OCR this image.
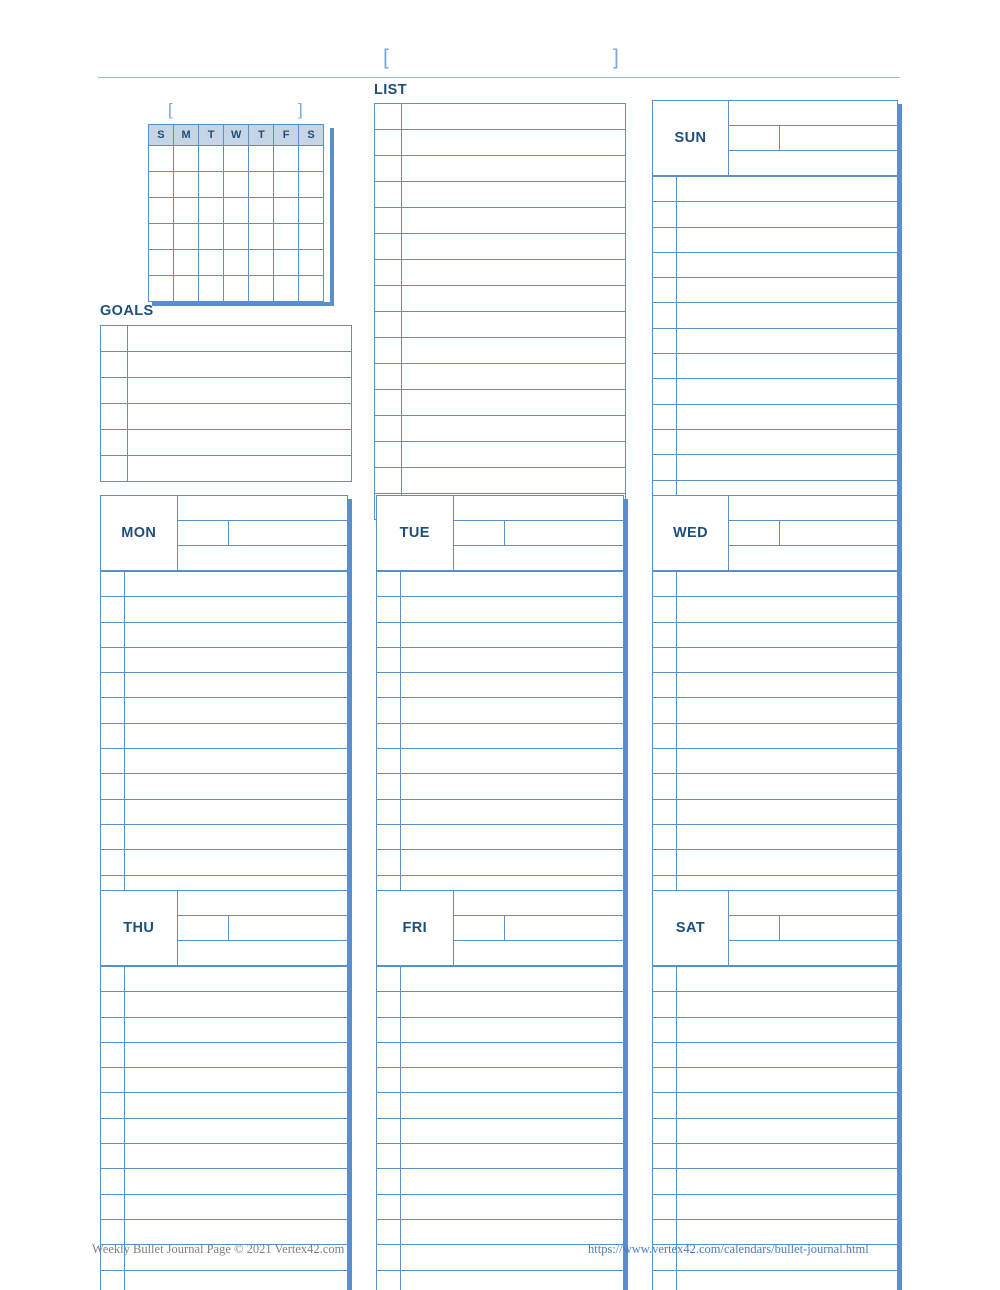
[	]
[	]
S	M	T	W	T	F	S

GOALS

LIST

SUN		

MON		

		TUE		

		WED		

THU		

		FRI		

		SAT		

Weekly Bullet Journal Page © 2021 Vertex42.com	https://www.vertex42.com/calendars/bullet-journal.html
